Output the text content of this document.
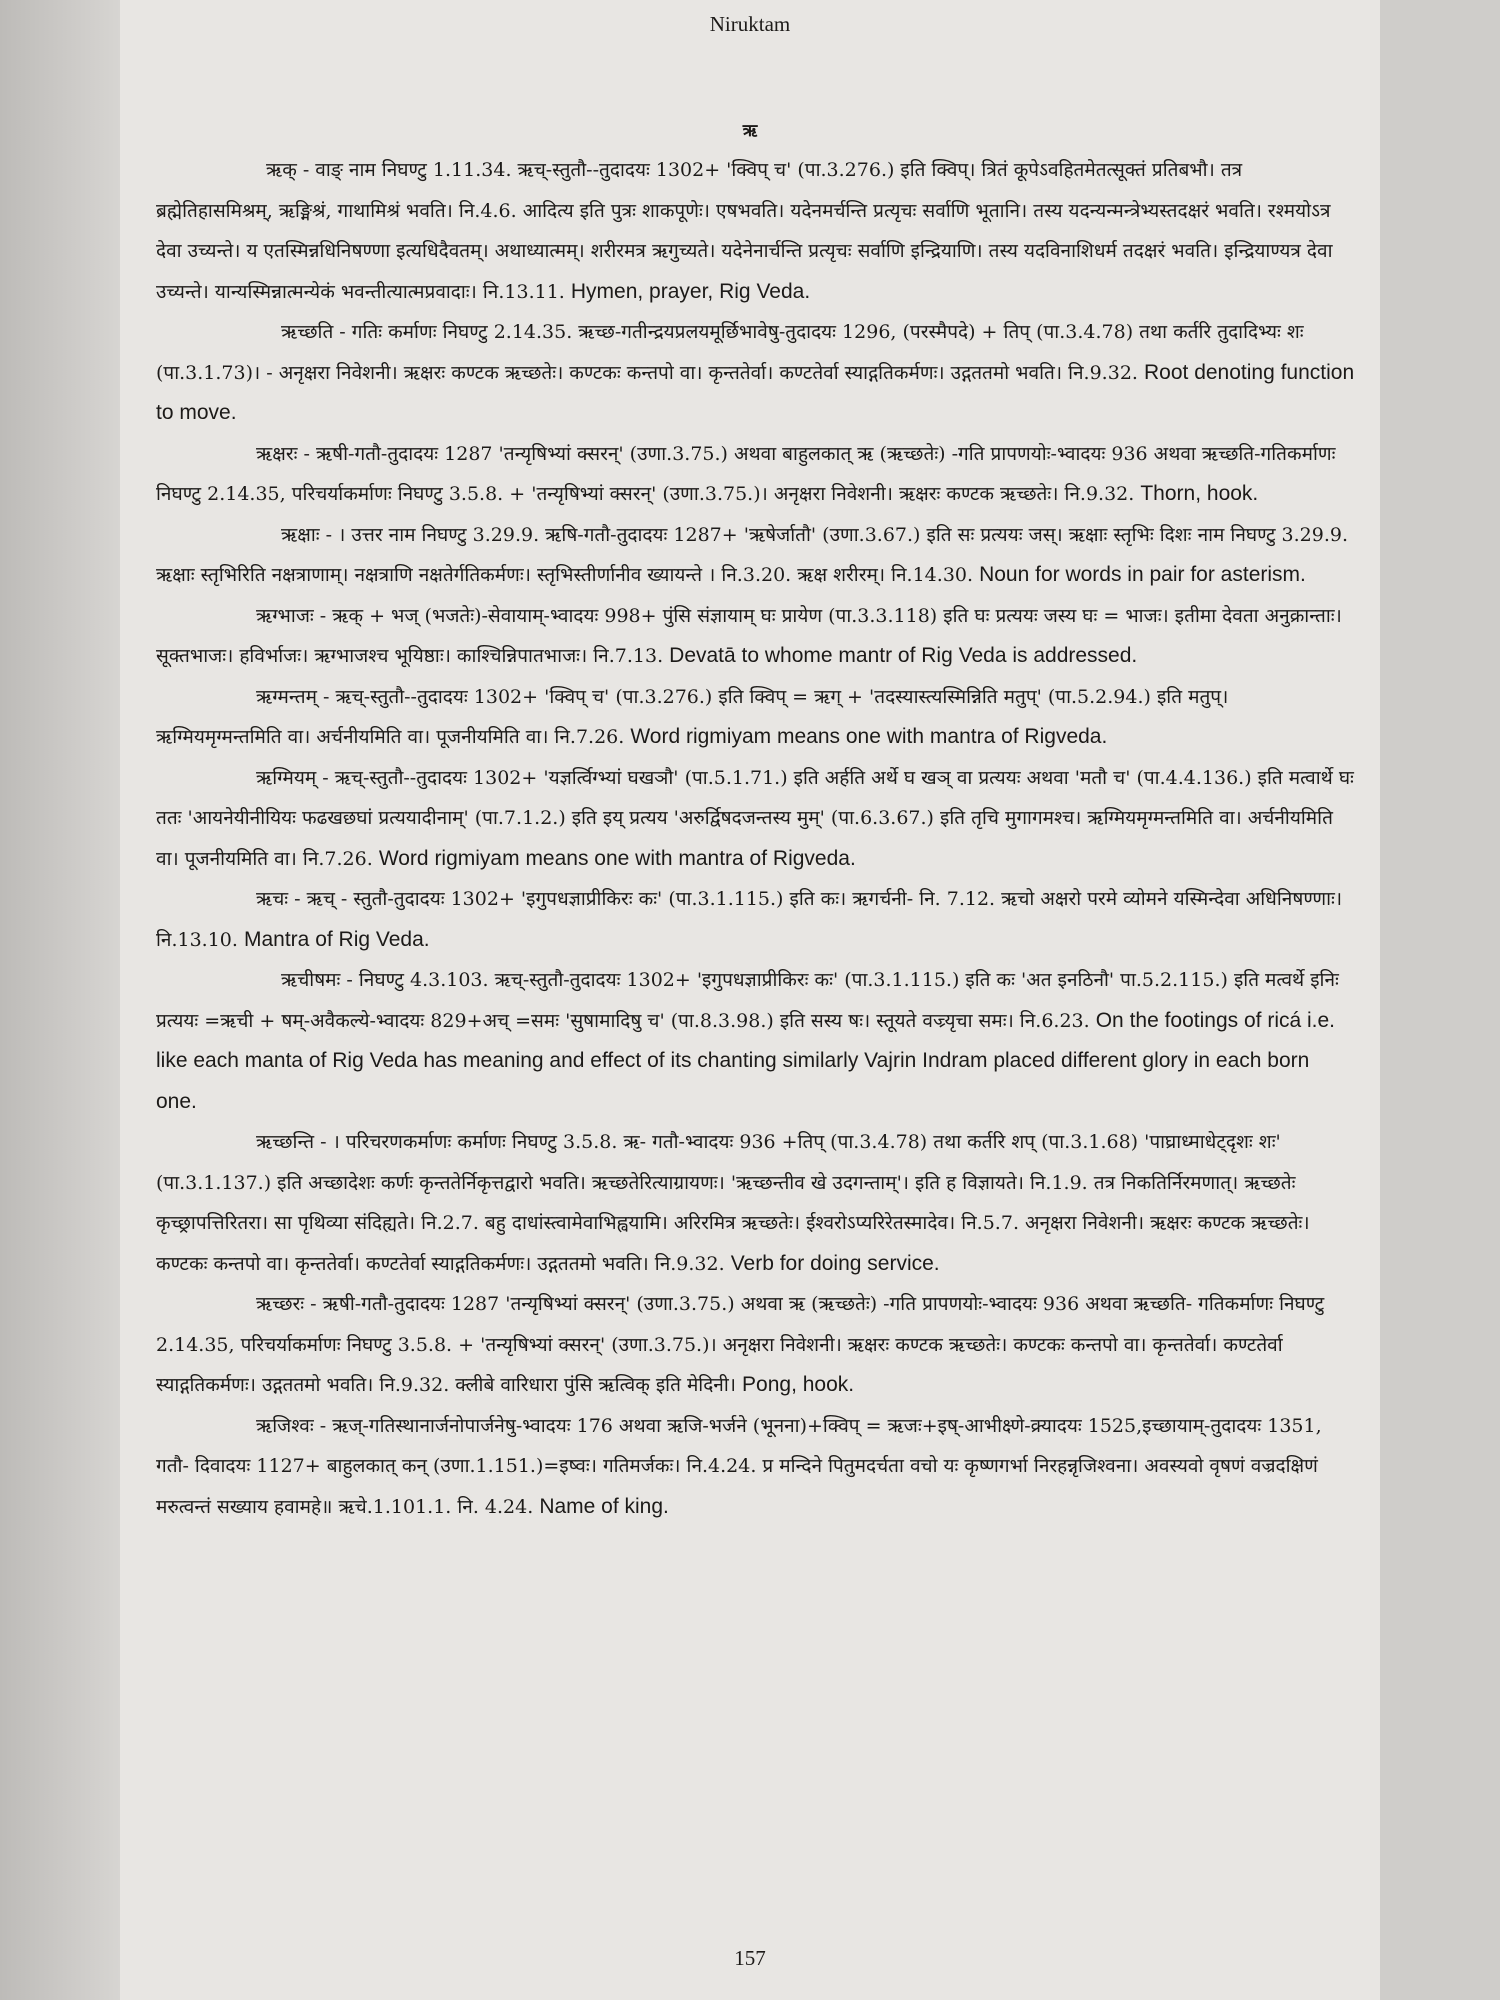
Niruktam
ऋ

ऋक् - वाङ् नाम निघण्टु 1.11.34. ऋच्-स्तुतौ--तुदादयः 1302+ 'क्विप् च' (पा.3.276.) इति क्विप्। त्रितं कूपेऽवहितमेतत्सूक्तं प्रतिबभौ। तत्र ब्रह्मेतिहासमिश्रम्, ऋङ्मिश्रं, गाथामिश्रं भवति। नि.4.6. आदित्य इति पुत्रः शाकपूणेः। एषभवति। यदेनमर्चन्ति प्रत्यृचः सर्वाणि भूतानि। तस्य यदन्यन्मन्त्रेभ्यस्तदक्षरं भवति। रश्मयोऽत्र देवा उच्यन्ते। य एतस्मिन्नधिनिषण्णा इत्यधिदैवतम्। अथाध्यात्मम्। शरीरमत्र ऋगुच्यते। यदेनेनार्चन्ति प्रत्यृचः सर्वाणि इन्द्रियाणि। तस्य यदविनाशिधर्म तदक्षरं भवति। इन्द्रियाण्यत्र देवा उच्यन्ते। यान्यस्मिन्नात्मन्येकं भवन्तीत्यात्मप्रवादाः। नि.13.11. Hymen, prayer, Rig Veda.

ऋच्छति - गतिः कर्माणः निघण्टु 2.14.35. ऋच्छ-गतीन्द्रयप्रलयमूर्छिभावेषु-तुदादयः 1296, (परस्मैपदे) + तिप् (पा.3.4.78) तथा कर्तरि तुदादिभ्यः शः (पा.3.1.73)। - अनृक्षरा निवेशनी। ऋक्षरः कण्टक ऋच्छतेः। कण्टकः कन्तपो वा। कृन्ततेर्वा। कण्टतेर्वा स्याद्गतिकर्मणः। उद्गततमो भवति। नि.9.32. Root denoting function to move.

ऋक्षरः - ऋषी-गतौ-तुदादयः 1287 'तन्यृषिभ्यां क्सरन्' (उणा.3.75.) अथवा बाहुलकात् ऋ (ऋच्छतेः) -गति प्रापणयोः-भ्वादयः 936 अथवा ऋच्छति-गतिकर्माणः निघण्टु 2.14.35, परिचर्याकर्माणः निघण्टु 3.5.8. + 'तन्यृषिभ्यां क्सरन्' (उणा.3.75.)। अनृक्षरा निवेशनी। ऋक्षरः कण्टक ऋच्छतेः। नि.9.32. Thorn, hook.

ऋक्षाः - । उत्तर नाम निघण्टु 3.29.9. ऋषि-गतौ-तुदादयः 1287+ 'ऋषेर्जातौ' (उणा.3.67.) इति सः प्रत्ययः जस्। ऋक्षाः स्तृभिः दिशः नाम निघण्टु 3.29.9. ऋक्षाः स्तृभिरिति नक्षत्राणाम्। नक्षत्राणि नक्षतेर्गतिकर्मणः। स्तृभिस्तीर्णानीव ख्यायन्ते । नि.3.20. ऋक्ष शरीरम्। नि.14.30. Noun for words in pair for asterism.

ऋग्भाजः - ऋक् + भज् (भजतेः)-सेवायाम्-भ्वादयः 998+ पुंसि संज्ञायाम् घः प्रायेण (पा.3.3.118) इति घः प्रत्ययः जस्य घः = भाजः। इतीमा देवता अनुक्रान्ताः। सूक्तभाजः। हविर्भाजः। ऋग्भाजश्च भूयिष्ठाः। काश्चिन्निपातभाजः। नि.7.13. Devatā to whome mantr of Rig Veda is addressed.

ऋग्मन्तम् - ऋच्-स्तुतौ--तुदादयः 1302+ 'क्विप् च' (पा.3.276.) इति क्विप् = ऋग् + 'तदस्यास्त्यस्मिन्निति मतुप्' (पा.5.2.94.) इति मतुप्। ऋग्मियमृग्मन्तमिति वा। अर्चनीयमिति वा। पूजनीयमिति वा। नि.7.26. Word rigmiyam means one with mantra of Rigveda.

ऋग्मियम् - ऋच्-स्तुतौ--तुदादयः 1302+ 'यज्ञर्त्विग्भ्यां घखञौ' (पा.5.1.71.) इति अर्हति अर्थे घ खञ् वा प्रत्ययः अथवा 'मतौ च' (पा.4.4.136.) इति मत्वार्थे घः ततः 'आयनेयीनीयियः फढखछघां प्रत्ययादीनाम्' (पा.7.1.2.) इति इय् प्रत्यय 'अरुर्द्विषदजन्तस्य मुम्' (पा.6.3.67.) इति तृचि मुगागमश्च। ऋग्मियमृग्मन्तमिति वा। अर्चनीयमिति वा। पूजनीयमिति वा। नि.7.26. Word rigmiyam means one with mantra of Rigveda.

ऋचः - ऋच् - स्तुतौ-तुदादयः 1302+ 'इगुपधज्ञाप्रीकिरः कः' (पा.3.1.115.) इति कः। ऋगर्चनी- नि. 7.12. ऋचो अक्षरो परमे व्योमने यस्मिन्देवा अधिनिषण्णाः। नि.13.10. Mantra of Rig Veda.

ऋचीषमः - निघण्टु 4.3.103. ऋच्-स्तुतौ-तुदादयः 1302+ 'इगुपधज्ञाप्रीकिरः कः' (पा.3.1.115.) इति कः 'अत इनठिनौ' पा.5.2.115.) इति मत्वर्थे इनिः प्रत्ययः =ऋची + षम्-अवैकल्ये-भ्वादयः 829+अच् =समः 'सुषामादिषु च' (पा.8.3.98.) इति सस्य षः। स्तूयते वज्र्यृचा समः। नि.6.23. On the footings of ricá i.e. like each manta of Rig Veda has meaning and effect of its chanting similarly Vajrin Indram placed different glory in each born one.

ऋच्छन्ति - । परिचरणकर्माणः कर्माणः निघण्टु 3.5.8. ऋ- गतौ-भ्वादयः 936 +तिप् (पा.3.4.78) तथा कर्तरि शप् (पा.3.1.68) 'पाघ्राध्माधेट्दृशः शः' (पा.3.1.137.) इति अच्छादेशः कर्णः कृन्ततेर्निकृत्तद्वारो भवति। ऋच्छतेरित्याग्रायणः। 'ऋच्छन्तीव खे उदगन्ताम्'। इति ह विज्ञायते। नि.1.9. तत्र निकतिर्निरमणात्। ऋच्छतेः कृच्छ्रापत्तिरितरा। सा पृथिव्या संदिह्यते। नि.2.7. बहु दाधांस्त्वामेवाभिह्वयामि। अरिरमित्र ऋच्छतेः। ईश्वरोऽप्यरिरेतस्मादेव। नि.5.7. अनृक्षरा निवेशनी। ऋक्षरः कण्टक ऋच्छतेः। कण्टकः कन्तपो वा। कृन्ततेर्वा। कण्टतेर्वा स्याद्गतिकर्मणः। उद्गततमो भवति। नि.9.32. Verb for doing service.

ऋच्छरः - ऋषी-गतौ-तुदादयः 1287 'तन्यृषिभ्यां क्सरन्' (उणा.3.75.) अथवा ऋ (ऋच्छतेः) -गति प्रापणयोः-भ्वादयः 936 अथवा ऋच्छति- गतिकर्माणः निघण्टु 2.14.35, परिचर्याकर्माणः निघण्टु 3.5.8. + 'तन्यृषिभ्यां क्सरन्' (उणा.3.75.)। अनृक्षरा निवेशनी। ऋक्षरः कण्टक ऋच्छतेः। कण्टकः कन्तपो वा। कृन्ततेर्वा। कण्टतेर्वा स्याद्गतिकर्मणः। उद्गततमो भवति। नि.9.32. क्लीबे वारिधारा पुंसि ऋत्विक् इति मेदिनी। Pong, hook.

ऋजिश्वः - ऋज्-गतिस्थानार्जनोपार्जनेषु-भ्वादयः 176 अथवा ऋजि-भर्जने (भूनना)+क्विप् = ऋजः+इष्-आभीक्ष्णे-क्र्यादयः 1525,इच्छायाम्-तुदादयः 1351, गतौ- दिवादयः 1127+ बाहुलकात् कन् (उणा.1.151.)=इष्वः। गतिमर्जकः। नि.4.24. प्र मन्दिने पितुमदर्चता वचो यः कृष्णगर्भा निरहन्नृजिश्वना। अवस्यवो वृषणं वज्रदक्षिणं मरुत्वन्तं सख्याय हवामहे॥ ऋचे.1.101.1. नि. 4.24. Name of king.

157
